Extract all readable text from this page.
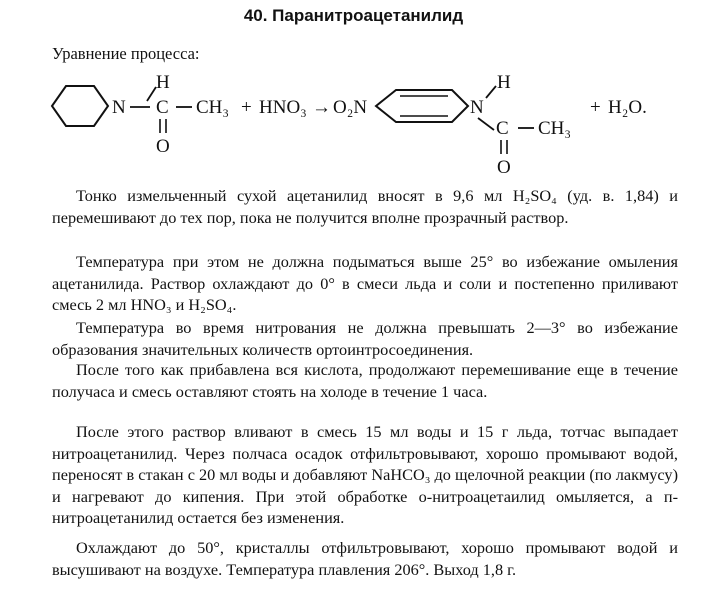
40. Паранитроацетанилид
Уравнение процесса:
N
H
C
O
CH₃ + HNO₃ → O₂N	N
H
C CH₃
O
+ H₂O.
Тонко измельченный сухой ацетанилид вносят в 9,6 мл H₂SO₄ (уд. в. 1,84) и перемешивают до тех пор, пока не получится вполне прозрачный раствор.
Температура при этом не должна подыматься выше 25° во избежание омыления ацетанилида. Раствор охлаждают до 0° в смеси льда и соли и постепенно приливают смесь 2 мл HNO₃ и H₂SO₄.
Температура во время нитрования не должна превышать 2—3° во избежание образования значительных количеств ортоинтросоединения.
После того как прибавлена вся кислота, продолжают перемешивание еще в течение получаса и смесь оставляют стоять на холоде в течение 1 часа.
После этого раствор вливают в смесь 15 мл воды и 15 г льда, тотчас выпадает нитроацетанилид. Через полчаса осадок отфильтровывают, хорошо промывают водой, переносят в стакан с 20 мл воды и добавляют NaHCO₃ до щелочной реакции (по лакмусу) и нагревают до кипения. При этой обработке о-нитроацетаилид омыляется, а п-нитроацетанилид остается без изменения.
Охлаждают до 50°, кристаллы отфильтровывают, хорошо промывают водой и высушивают на воздухе. Температура плавления 206°. Выход 1,8 г.
